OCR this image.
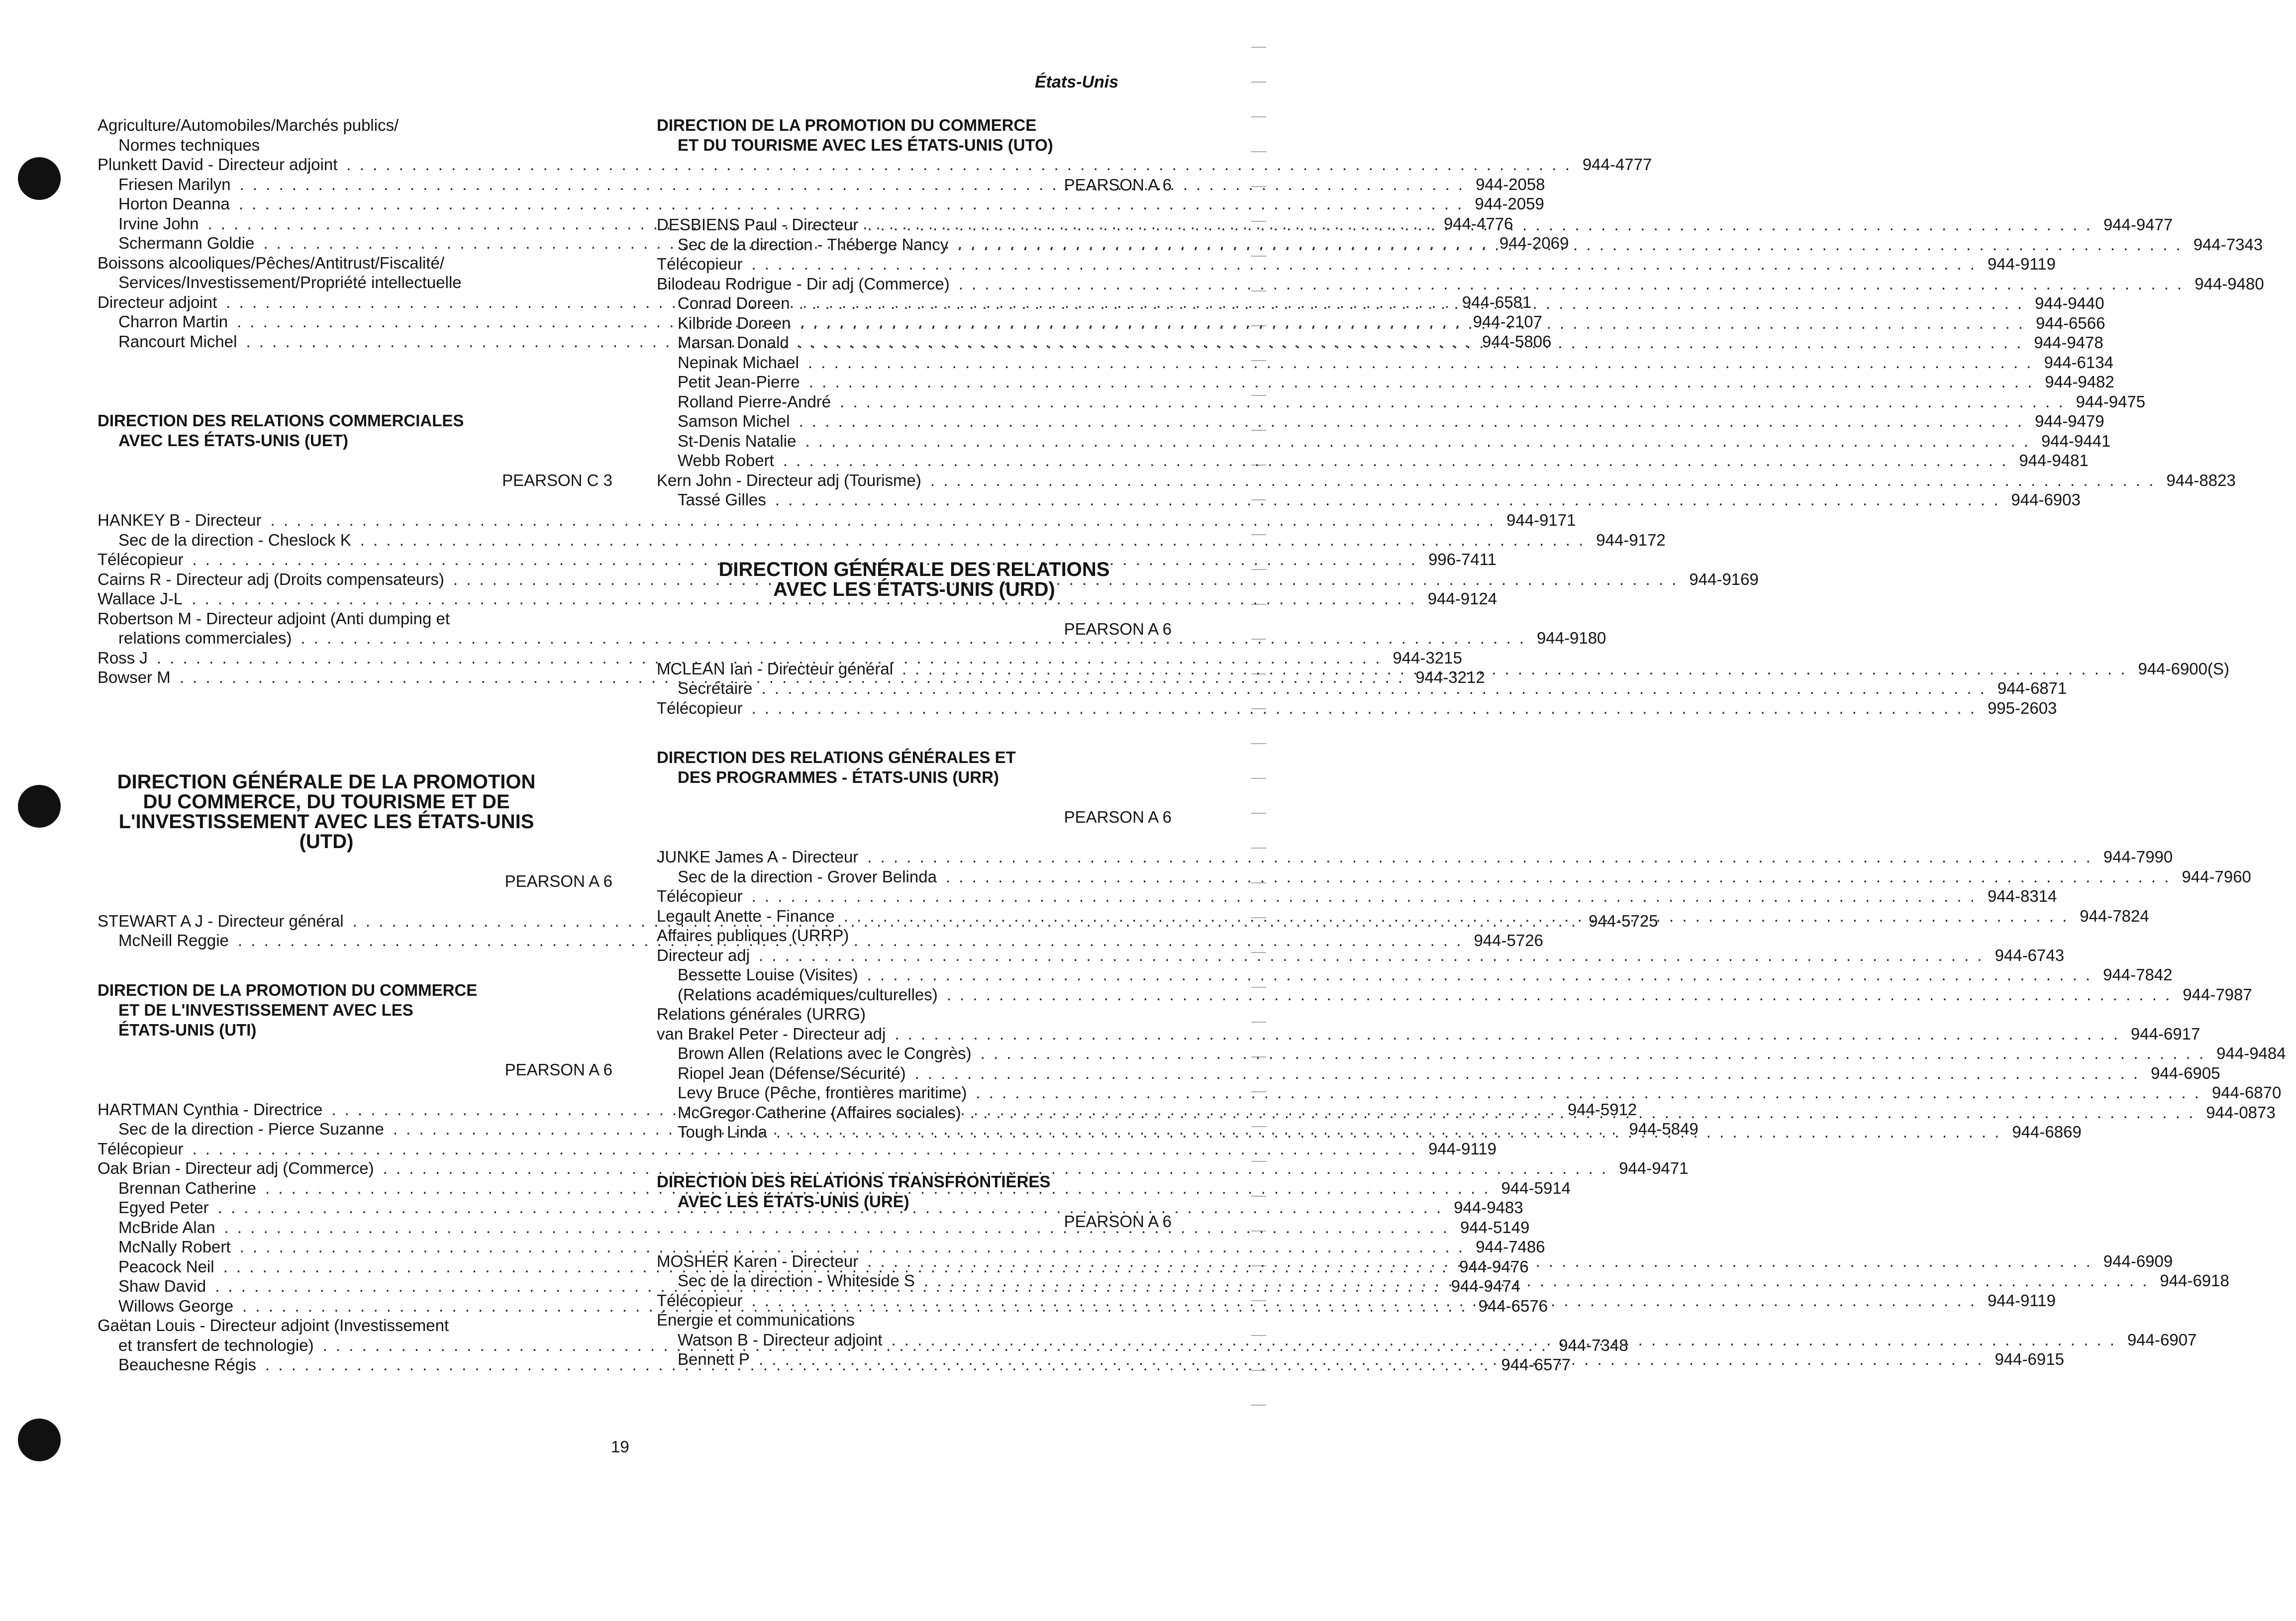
États-Unis
Agriculture/Automobiles/Marchés publics/
Normes techniques
Plunkett David - Directeur adjoint . . .	944-4777
Friesen Marilyn . . .	944-2058
Horton Deanna . . .	944-2059
Irvine John . . .	944-4776
Schermann Goldie . . .	944-2069
Boissons alcooliques/Pêches/Antitrust/Fiscalité/
Services/Investissement/Propriété intellectuelle
Directeur adjoint . . .	944-6581
Charron Martin . . .	944-2107
Rancourt Michel . . .	944-5806
DIRECTION DES RELATIONS COMMERCIALES
AVEC LES ÉTATS-UNIS (UET)
PEARSON C 3
HANKEY B - Directeur . . .	944-9171
Sec de la direction - Cheslock K . . .	944-9172
Télécopieur . . .	996-7411
Cairns R - Directeur adj (Droits compensateurs) . . .	944-9169
Wallace J-L . . .	944-9124
Robertson M - Directeur adjoint (Anti dumping et
relations commerciales) . . .	944-9180
Ross J . . .	944-3215
Bowser M . . .	944-3212
DIRECTION GÉNÉRALE DE LA PROMOTION
DU COMMERCE, DU TOURISME ET DE
L'INVESTISSEMENT AVEC LES ÉTATS-UNIS
(UTD)
PEARSON A 6
STEWART A J - Directeur général . . .	944-5725
McNeill Reggie . . .	944-5726
DIRECTION DE LA PROMOTION DU COMMERCE
ET DE L'INVESTISSEMENT AVEC LES
ÉTATS-UNIS (UTI)
PEARSON A 6
HARTMAN Cynthia - Directrice . . .	944-5912
Sec de la direction - Pierce Suzanne . . .	944-5849
Télécopieur . . .	944-9119
Oak Brian - Directeur adj (Commerce) . . .	944-9471
Brennan Catherine . . .	944-5914
Egyed Peter . . .	944-9483
McBride Alan . . .	944-5149
McNally Robert . . .	944-7486
Peacock Neil . . .	944-9476
Shaw David . . .	944-9474
Willows George . . .	944-6576
Gaëtan Louis - Directeur adjoint (Investissement
et transfert de technologie) . . .	944-7348
Beauchesne Régis . . .	944-6577
DIRECTION DE LA PROMOTION DU COMMERCE
ET DU TOURISME AVEC LES ÉTATS-UNIS (UTO)
PEARSON A 6
DESBIENS Paul - Directeur . . .	944-9477
Sec de la direction - Théberge Nancy . . .	944-7343
Télécopieur . . .	944-9119
Bilodeau Rodrigue - Dir adj (Commerce) . . .	944-9480
Conrad Doreen . . .	944-9440
Kilbride Doreen . . .	944-6566
Marsan Donald . . .	944-9478
Nepinak Michael . . .	944-6134
Petit Jean-Pierre . . .	944-9482
Rolland Pierre-André . . .	944-9475
Samson Michel . . .	944-9479
St-Denis Natalie . . .	944-9441
Webb Robert . . .	944-9481
Kern John - Directeur adj (Tourisme) . . .	944-8823
Tassé Gilles . . .	944-6903
DIRECTION GÉNÉRALE DES RELATIONS
AVEC LES ÉTATS-UNIS (URD)
PEARSON A 6
MCLEAN Ian - Directeur général . . .	944-6900(S)
Secrétaire . . .	944-6871
Télécopieur . . .	995-2603
DIRECTION DES RELATIONS GÉNÉRALES ET
DES PROGRAMMES - ÉTATS-UNIS (URR)
PEARSON A 6
JUNKE James A - Directeur . . .	944-7990
Sec de la direction - Grover Belinda . . .	944-7960
Télécopieur . . .	944-8314
Legault Anette - Finance . . .	944-7824
Affaires publiques (URRP)
Directeur adj . . .	944-6743
Bessette Louise (Visites) . . .	944-7842
(Relations académiques/culturelles) . . .	944-7987
Relations générales (URRG)
van Brakel Peter - Directeur adj . . .	944-6917
Brown Allen (Relations avec le Congrès) . . .	944-9484
Riopel Jean (Défense/Sécurité) . . .	944-6905
Levy Bruce (Pêche, frontières maritime) . . .	944-6870
McGregor Catherine (Affaires sociales) . . .	944-0873
Tough Linda . . .	944-6869
DIRECTION DES RELATIONS TRANSFRONTIÈRES
AVEC LES ÉTATS-UNIS (URE)
PEARSON A 6
MOSHER Karen - Directeur . . .	944-6909
Sec de la direction - Whiteside S . . .	944-6918
Télécopieur . . .	944-9119
Énergie et communications
Watson B - Directeur adjoint . . .	944-6907
Bennett P . . .	944-6915
19
